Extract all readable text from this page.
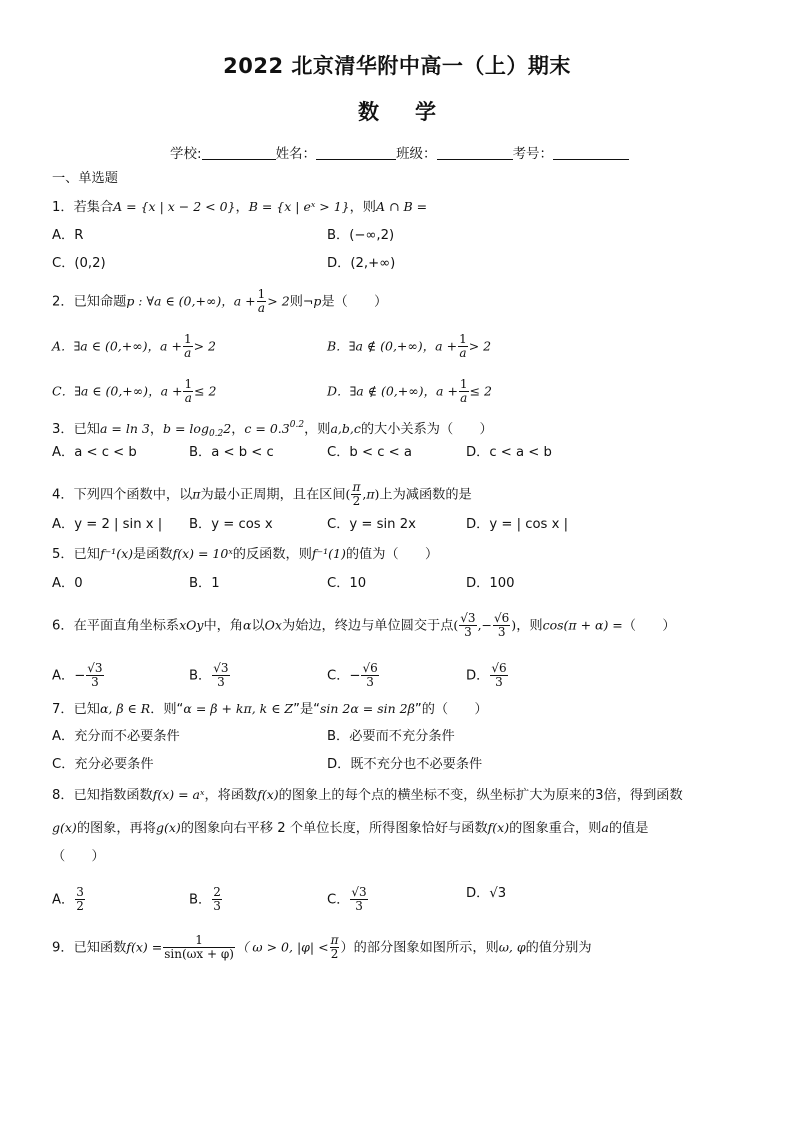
2022 北京清华附中高一（上）期末
数学
学校:	姓名：	班级：	考号：
一、单选题
1．若集合A = {x | x − 2 < 0}，B = {x | eˣ > 1}，则A ∩ B =
A．R	B．(−∞,2)
C．(0,2)	D．(2,+∞)
2．已知命题p : ∀a ∈ (0,+∞)，$a + \frac{1}{a} > 2$则¬p是（　　）
A．∃a ∈ (0,+∞)，$a + \frac{1}{a} > 2$	B．∃a ∉ (0,+∞)，$a + \frac{1}{a} > 2$
C．∃a ∈ (0,+∞)，$a + \frac{1}{a} \le 2$	D．∃a ∉ (0,+∞)，$a + \frac{1}{a} \le 2$
3．已知a = ln 3，$b = \log_{0.2}2$，$c = 0.3^{0.2}$，则a,b,c的大小关系为（　　）
A．a < c < b	B．a < b < c	C．b < c < a	D．c < a < b
4．下列四个函数中，以π为最小正周期，且在区间( $\frac{\pi}{2} ,\pi$)上为减函数的是
A．y = 2 | sin x | B．y = cos x	C．y = sin 2x	D．y = | cos x |
5．已知f⁻¹(x)是函数f(x) = 10ˣ的反函数，则f⁻¹(1)的值为（　　）
A．0	B．1	C．10	D．100
6．在平面直角坐标系xOy中，角α以Ox为始边，终边与单位圆交于点( $\frac{√3}{3}$ ,− $\frac{√6}{3}$ )，则cos(π + α) =（　　）
A．− $\frac{√3}{3}$	B． $\frac{√3}{3}$	C．− $\frac{√6}{3}$	D． $\frac{√6}{3}$
7．已知α, β ∈ R．则“α = β + kπ, k ∈ Z”是“sin 2α = sin 2β”的（　　）
A．充分而不必要条件	B．必要而不充分条件
C．充分必要条件	D．既不充分也不必要条件
8．已知指数函数f(x) = aˣ，将函数f(x)的图象上的每个点的横坐标不变，纵坐标扩大为原来的3倍，得到函数
g(x)的图象，再将g(x)的图象向右平移 2 个单位长度，所得图象恰好与函数f(x)的图象重合，则a的值是
（　　）
A． $\frac{3}{2}$	B． $\frac{2}{3}$	C． $\frac{√3}{3}$	D．√3
9．已知函数$f(x) = \frac{1}{\sin(\omega x + \varphi)}$ （ ω > 0, $|\varphi| < \frac{\pi}{2}$ ）的部分图象如图所示，则ω, φ的值分别为
